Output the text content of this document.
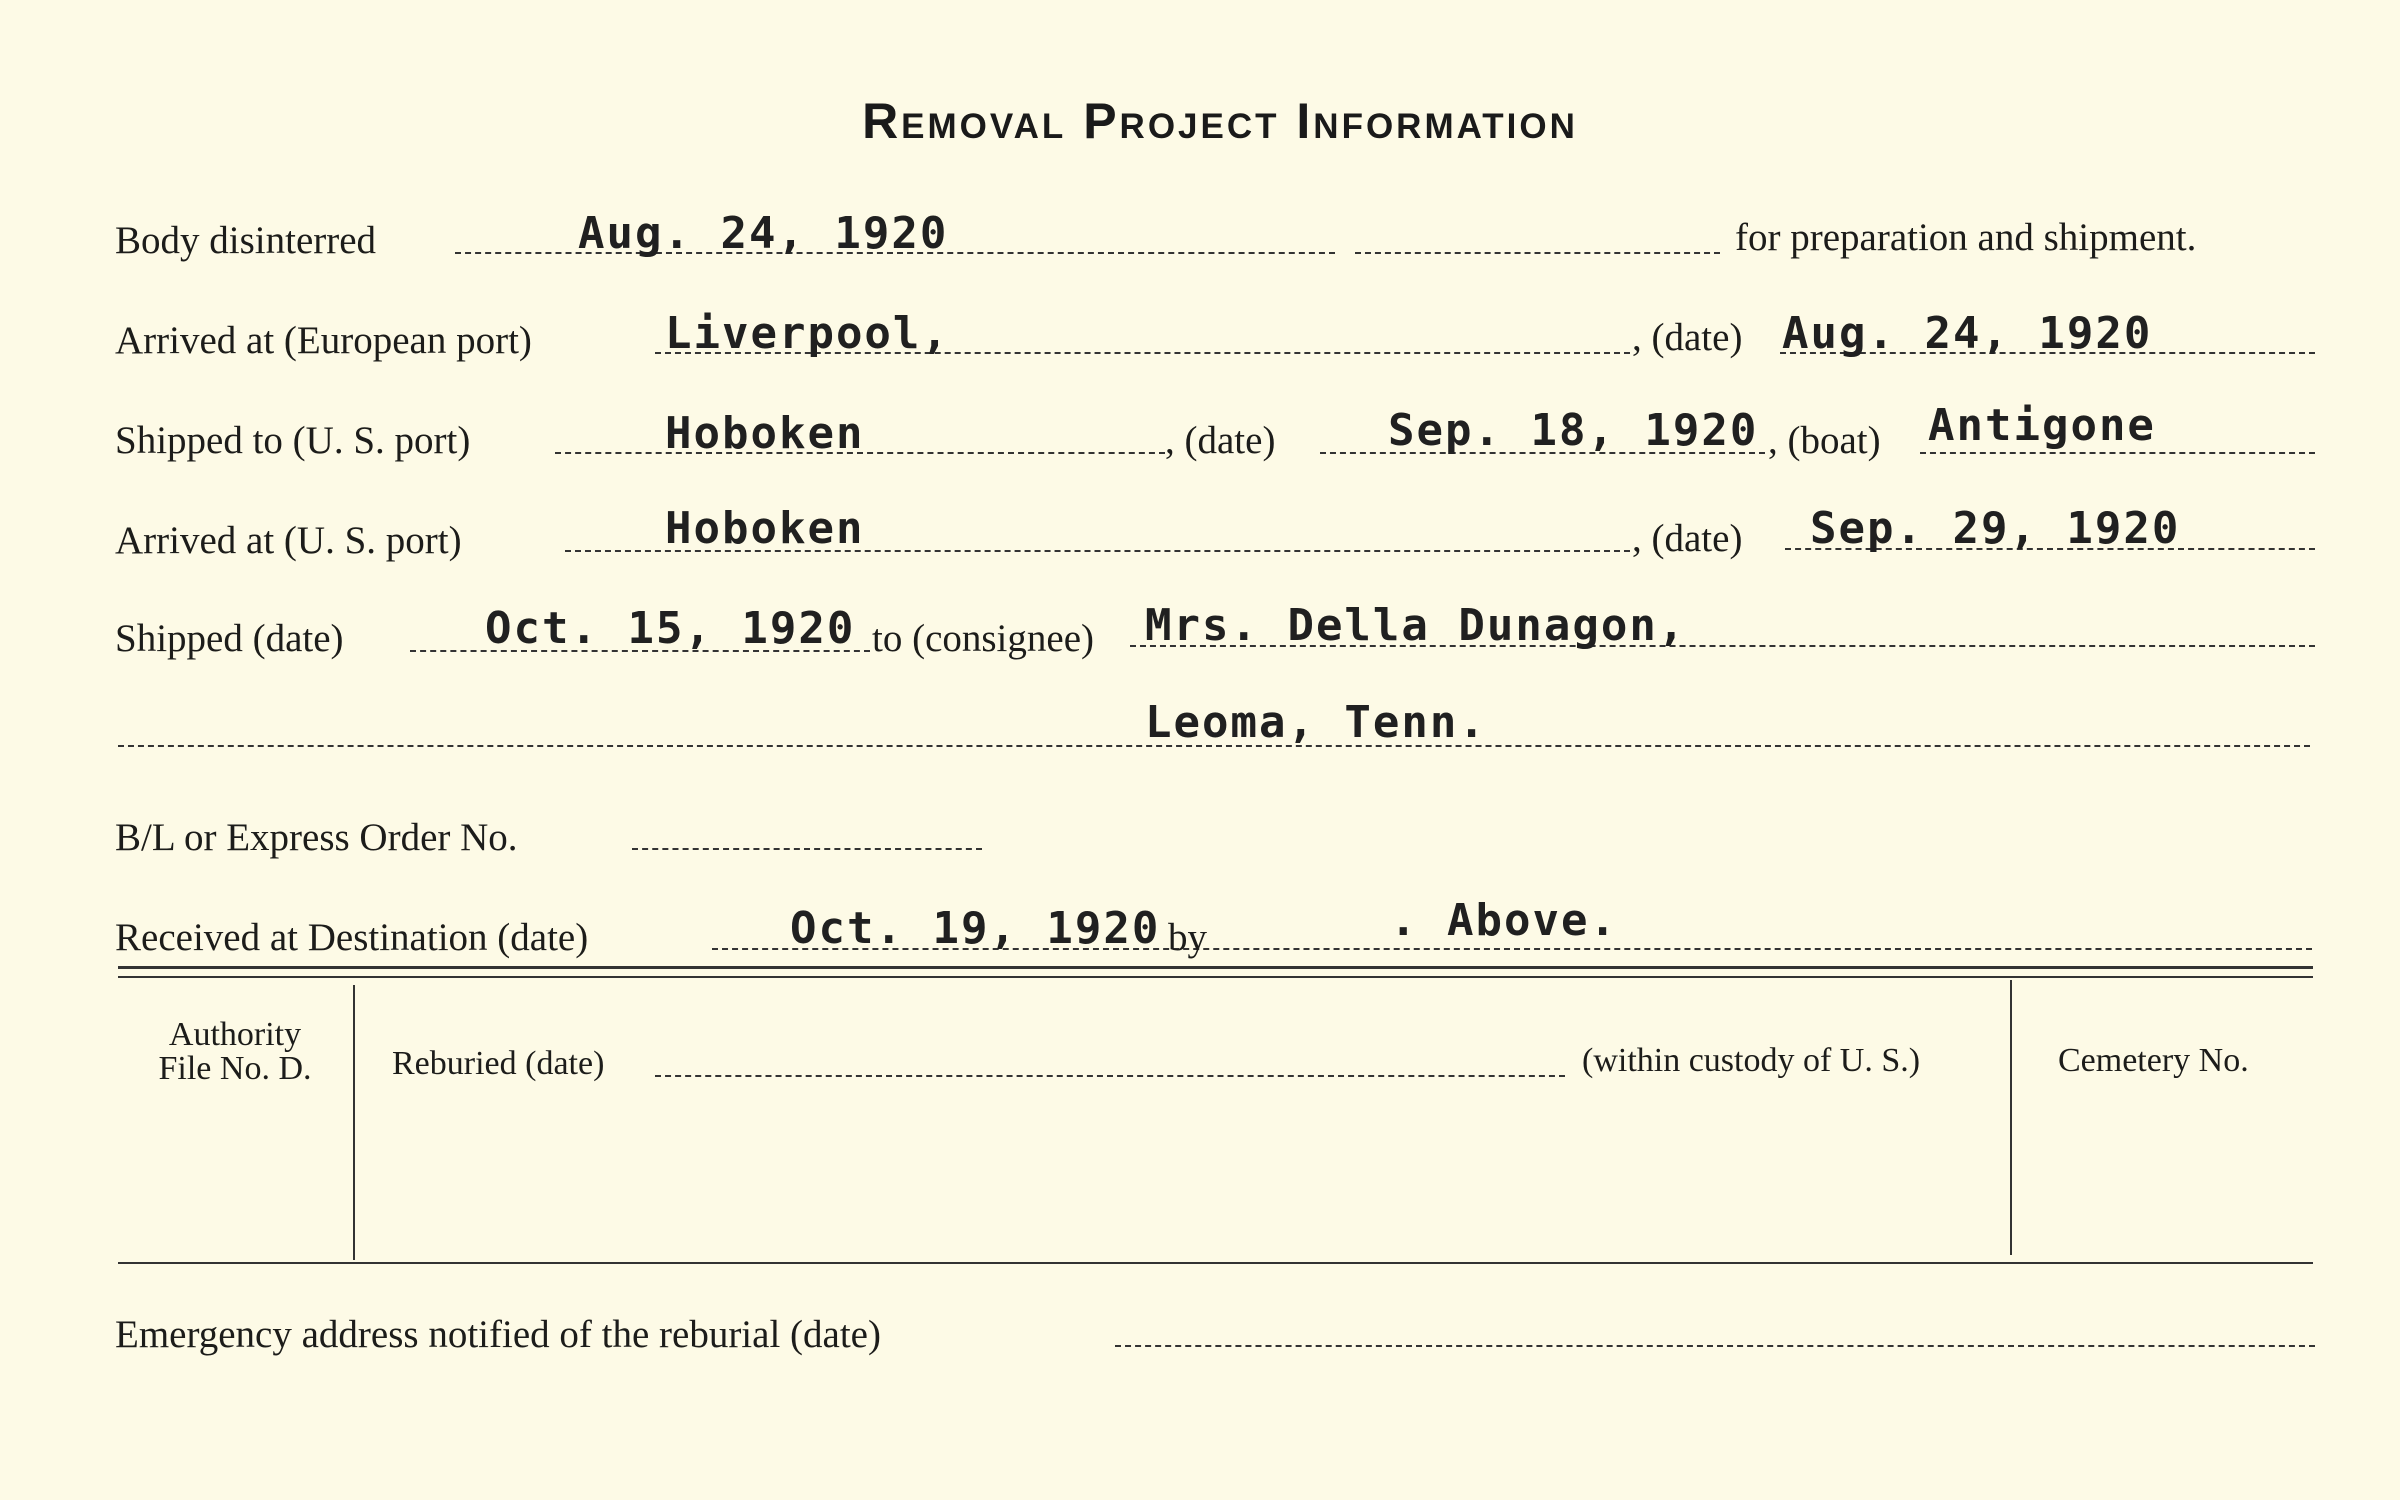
Removal Project Information
Body disinterred	Aug. 24, 1920	for preparation and shipment.
Arrived at (European port)	Liverpool,	, (date) Aug. 24, 1920
Shipped to (U. S. port)	Hoboken	, (date)	Sep. 18, 1920 , (boat) Antigone
Arrived at (U. S. port)	Hoboken	, (date) Sep. 29, 1920
Shipped (date)	Oct. 15, 1920 to (consignee) Mrs. Della Dunagon,
Leoma, Tenn.
B/L or Express Order No.
Received at Destination (date)	Oct. 19, 1920 by	. Above.
Authority
File No. D.	Reburied (date)	(within custody of U. S.)	Cemetery No.
Emergency address notified of the reburial (date)
